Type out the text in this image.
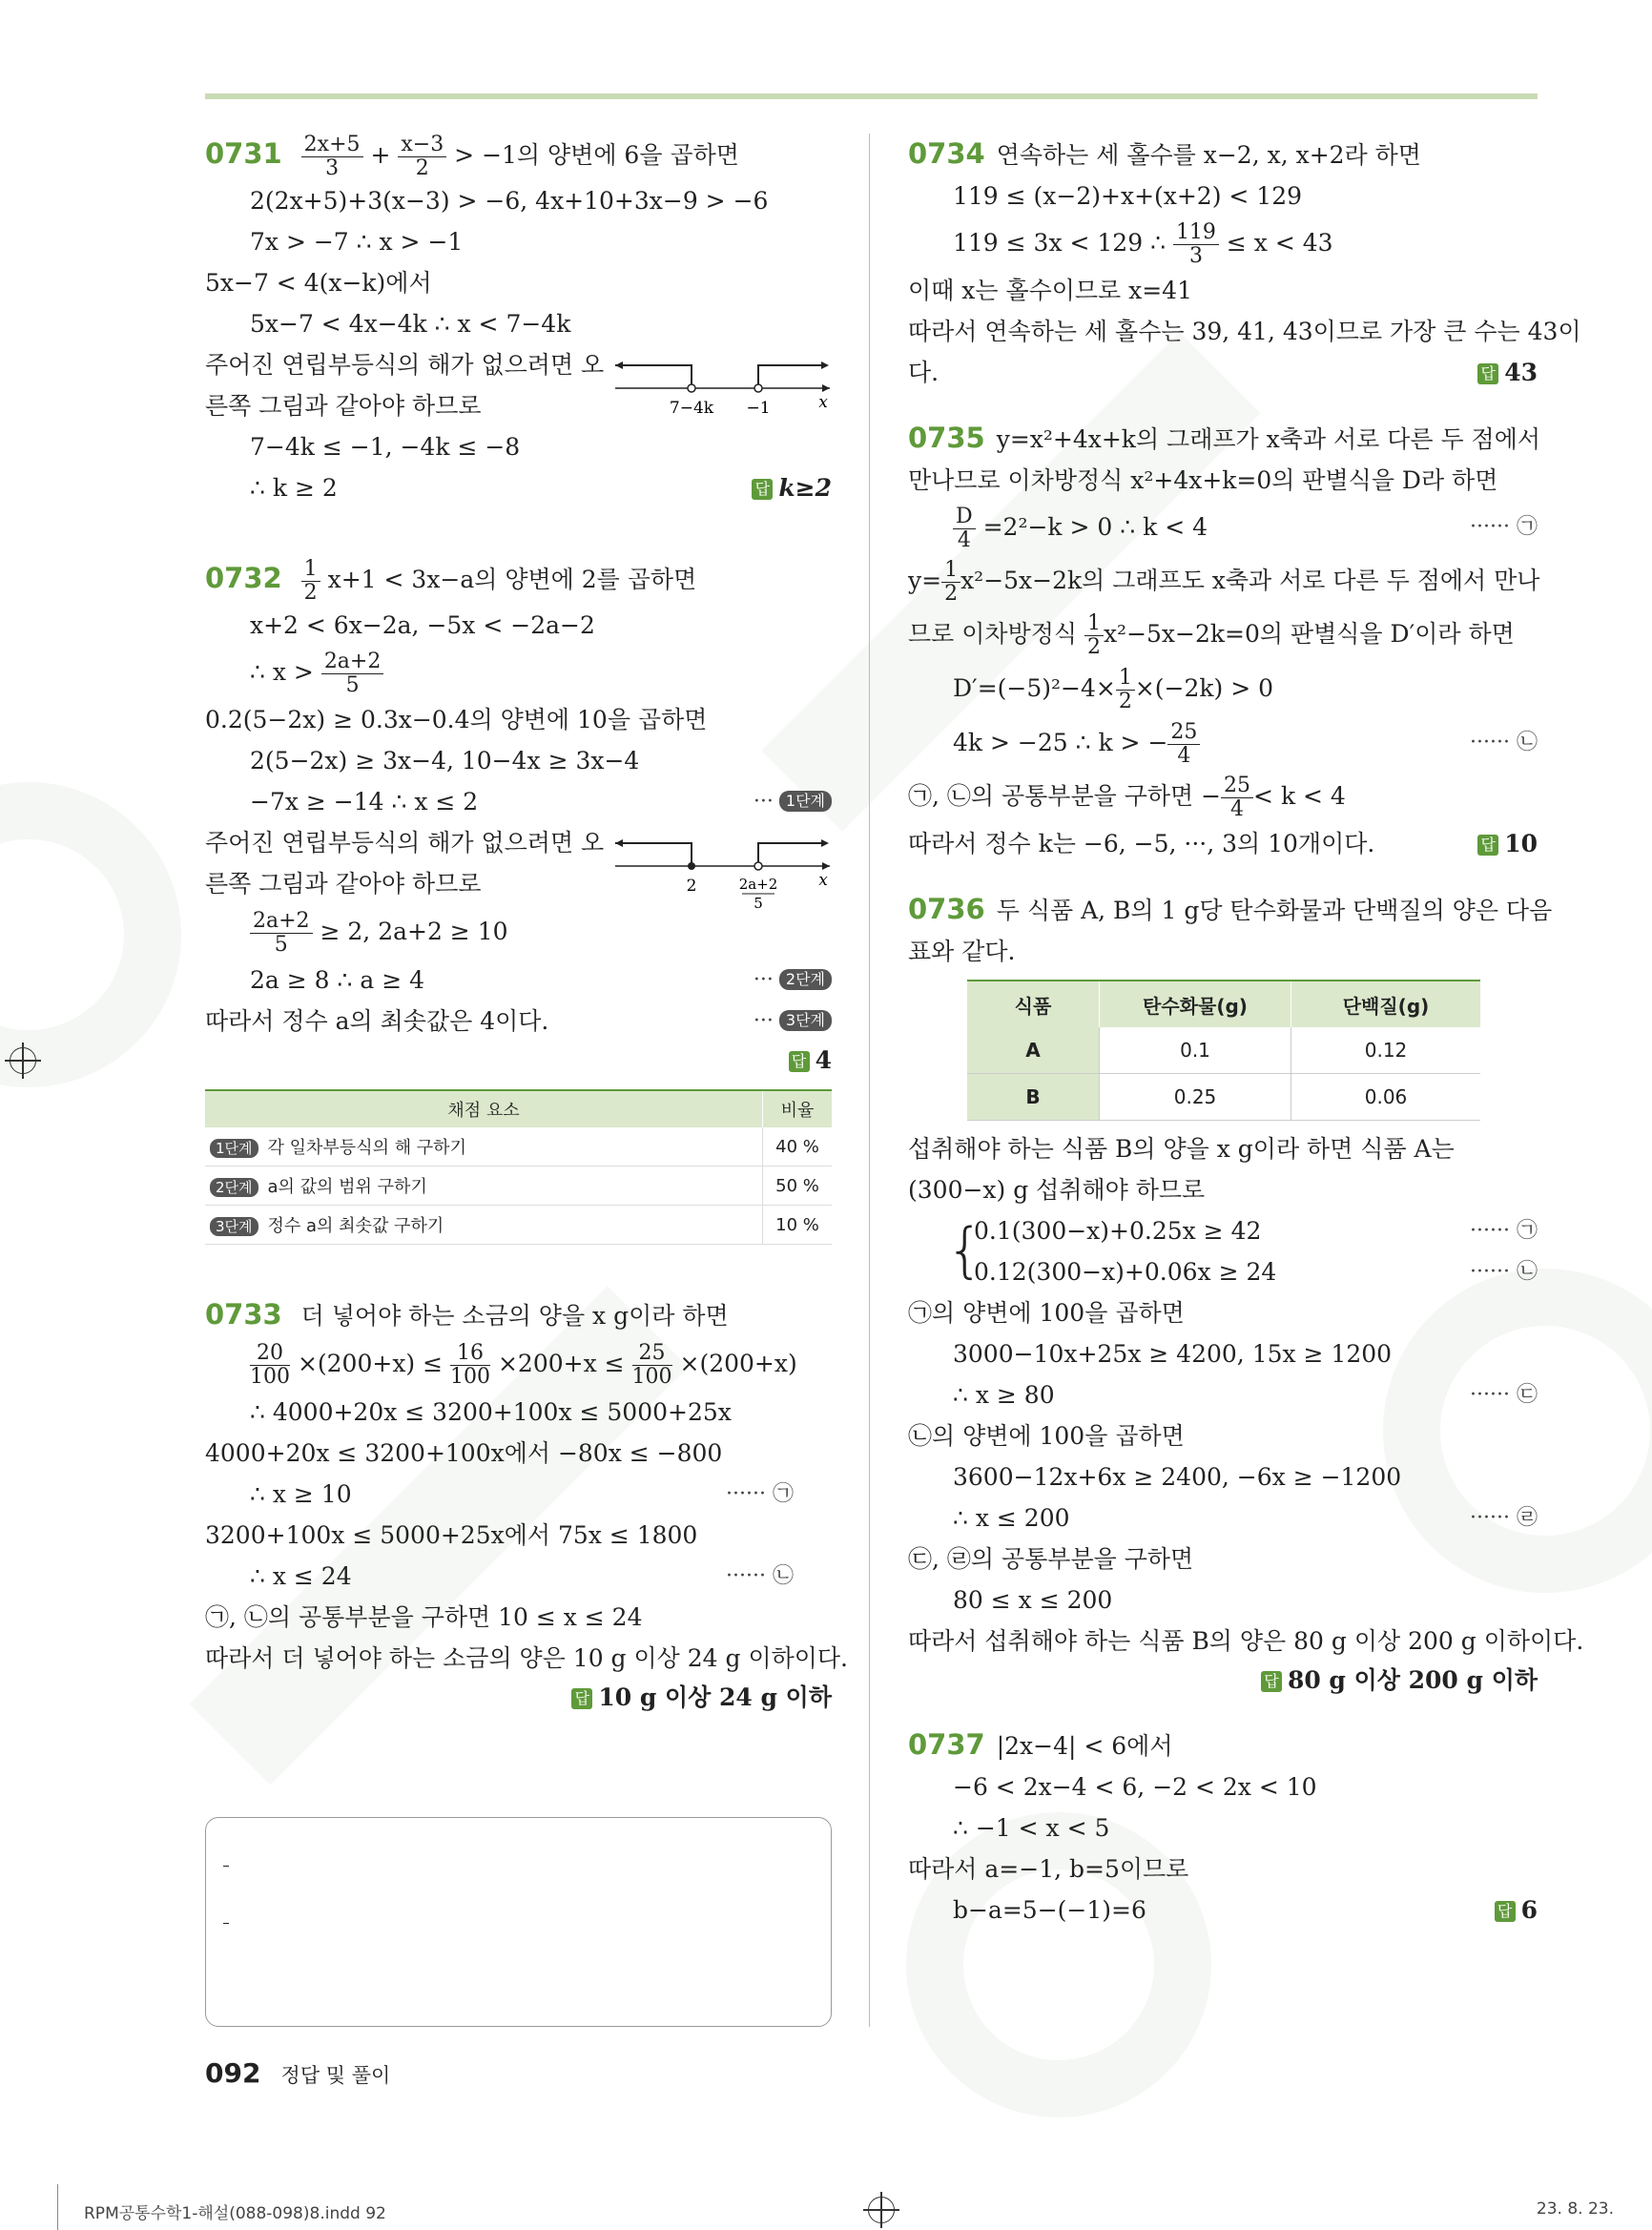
$0731 \frac{2x+5}{3} + \frac{x-3}{2} > -1$의 양변에 6을 곱하면
2(2x+5)+3(x−3) > −6, 4x+10+3x−9 > −6
7x > −7 ∴ x > −1
5x−7 < 4(x−k)에서
5x−7 < 4x−4k ∴ x < 7−4k
주어진 연립부등식의 해가 없으려면 오
른쪽 그림과 같아야 하므로	7−4k −1	x
7−4k ≤ −1, −4k ≤ −8
∴ k ≥ 2	답 k≥2
$0732 \frac{1}{2} x+1 < 3x-a$의 양변에 2를 곱하면
x+2 < 6x−2a, −5x < −2a−2
∴ $x > \frac{2a+2}{5}$
0.2(5−2x) ≥ 0.3x−0.4의 양변에 10을 곱하면
2(5−2x) ≥ 3x−4, 10−4x ≥ 3x−4
−7x ≥ −14 ∴ x ≤ 2	1단계
···
주어진 연립부등식의 해가 없으려면 오
른쪽 그림과 같아야 하므로	2	2a+2
5
x
$\frac{2a+2}{5} \ge 2$, 2a+2 ≥ 10
2a ≥ 8 ∴ a ≥ 4	2단계
···
따라서 정수 a의 최솟값은 4이다.	3단계
···
답 4
채점 요소	비율
1단계 각 일차부등식의 해 구하기	40 %
2단계 a의 값의 범위 구하기	50 %
3단계 정수 a의 최솟값 구하기	10 %
0733 더 넣어야 하는 소금의 양을 x g이라 하면
$\frac{20}{100} \times(200+x) \le \frac{16}{100} \times 200+x \le \frac{25}{100} \times(200+x)$
∴ 4000+20x ≤ 3200+100x ≤ 5000+25x
4000+20x ≤ 3200+100x에서 −80x ≤ −800
∴ x ≥ 10	······ ㉠
3200+100x ≤ 5000+25x에서 75x ≤ 1800
∴ x ≤ 24	······ ㉡
㉠, ㉡의 공통부분을 구하면 10 ≤ x ≤ 24
따라서 더 넣어야 하는 소금의 양은 10 g 이상 24 g 이하이다.
답 10 g 이상 24 g 이하
0734 연속하는 세 홀수를 x−2, x, x+2라 하면
119 ≤ (x−2)+x+(x+2) < 129
119 ≤ 3x < 129 ∴ $\frac{119}{3} \le x < 43$
이때 x는 홀수이므로 x=41
따라서 연속하는 세 홀수는 39, 41, 43이므로 가장 큰 수는 43이
다.	답 43
0735 y=x²+4x+k의 그래프가 x축과 서로 다른 두 점에서
만나므로 이차방정식 x²+4x+k=0의 판별식을 D라 하면
$\frac{D}{4} =2^2-k > 0$ ∴ k < 4	······ ㉠
$y= \frac{1}{2} x^2-5x-2k$의 그래프도 x축과 서로 다른 두 점에서 만나
므로 이차방정식 $\frac{1}{2} x^2-5x-2k=0$의 판별식을 D′이라 하면
$D'=(-5)^2-4\times \frac{1}{2} \times(-2k) > 0$
4k > −25 ∴ k > − $\frac{25}{4}$	······ ㉡
㉠, ㉡의 공통부분을 구하면 − $\frac{25}{4} < k < 4$
따라서 정수 k는 −6, −5, ···, 3의 10개이다.	답 10
0736 두 식품 A, B의 1 g당 탄수화물과 단백질의 양은 다음
표와 같다.
식품	탄수화물(g)	단백질(g)
A	0.1	0.12
B	0.25	0.06
섭취해야 하는 식품 B의 양을 x g이라 하면 식품 A는
(300−x) g 섭취해야 하므로
{
0.1(300−x)+0.25x ≥ 42	······ ㉠
0.12(300−x)+0.06x ≥ 24	······ ㉡
㉠의 양변에 100을 곱하면
3000−10x+25x ≥ 4200, 15x ≥ 1200
∴ x ≥ 80	······ ㉢
㉡의 양변에 100을 곱하면
3600−12x+6x ≥ 2400, −6x ≥ −1200
∴ x ≤ 200	······ ㉣
㉢, ㉣의 공통부분을 구하면
80 ≤ x ≤ 200
따라서 섭취해야 하는 식품 B의 양은 80 g 이상 200 g 이하이다.
답 80 g 이상 200 g 이하
0737 |2x−4| < 6에서
−6 < 2x−4 < 6, −2 < 2x < 10
∴ −1 < x < 5
따라서 a=−1, b=5이므로
b−a=5−(−1)=6	답 6
092 정답 및 풀이
RPM공통수학1-해설(088-098)8.indd 92	23. 8. 23.
